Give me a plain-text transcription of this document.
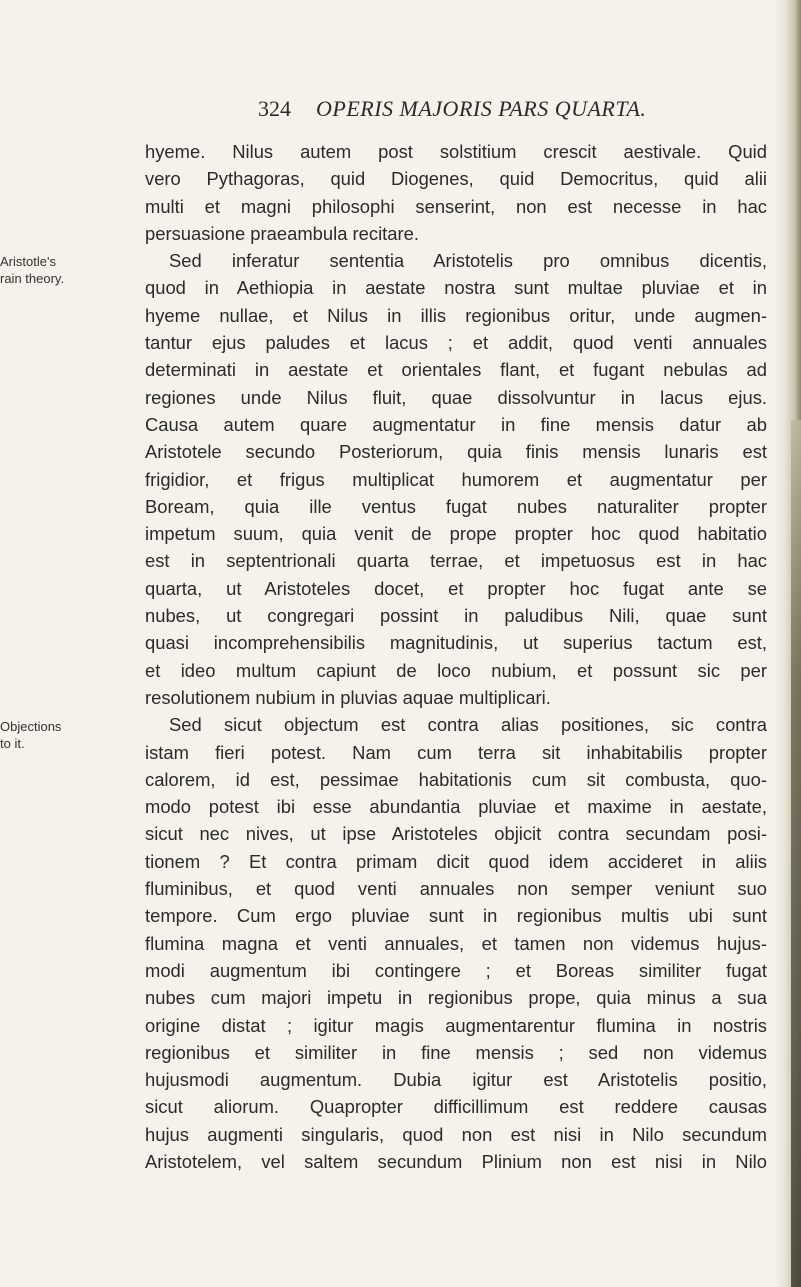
324 OPERIS MAJORIS PARS QUARTA.
Aristotle's
rain theory.
Objections
to it.
hyeme. Nilus autem post solstitium crescit aestivale. Quid
vero Pythagoras, quid Diogenes, quid Democritus, quid alii
multi et magni philosophi senserint, non est necesse in hac
persuasione praeambula recitare.
Sed inferatur sententia Aristotelis pro omnibus dicentis,
quod in Aethiopia in aestate nostra sunt multae pluviae et in
hyeme nullae, et Nilus in illis regionibus oritur, unde augmen-
tantur ejus paludes et lacus ; et addit, quod venti annuales
determinati in aestate et orientales flant, et fugant nebulas ad
regiones unde Nilus fluit, quae dissolvuntur in lacus ejus.
Causa autem quare augmentatur in fine mensis datur ab
Aristotele secundo Posteriorum, quia finis mensis lunaris est
frigidior, et frigus multiplicat humorem et augmentatur per
Boream, quia ille ventus fugat nubes naturaliter propter
impetum suum, quia venit de prope propter hoc quod habitatio
est in septentrionali quarta terrae, et impetuosus est in hac
quarta, ut Aristoteles docet, et propter hoc fugat ante se
nubes, ut congregari possint in paludibus Nili, quae sunt
quasi incomprehensibilis magnitudinis, ut superius tactum est,
et ideo multum capiunt de loco nubium, et possunt sic per
resolutionem nubium in pluvias aquae multiplicari.
Sed sicut objectum est contra alias positiones, sic contra
istam fieri potest. Nam cum terra sit inhabitabilis propter
calorem, id est, pessimae habitationis cum sit combusta, quo-
modo potest ibi esse abundantia pluviae et maxime in aestate,
sicut nec nives, ut ipse Aristoteles objicit contra secundam posi-
tionem ? Et contra primam dicit quod idem accideret in aliis
fluminibus, et quod venti annuales non semper veniunt suo
tempore. Cum ergo pluviae sunt in regionibus multis ubi sunt
flumina magna et venti annuales, et tamen non videmus hujus-
modi augmentum ibi contingere ; et Boreas similiter fugat
nubes cum majori impetu in regionibus prope, quia minus a sua
origine distat ; igitur magis augmentarentur flumina in nostris
regionibus et similiter in fine mensis ; sed non videmus
hujusmodi augmentum. Dubia igitur est Aristotelis positio,
sicut aliorum. Quapropter difficillimum est reddere causas
hujus augmenti singularis, quod non est nisi in Nilo secundum
Aristotelem, vel saltem secundum Plinium non est nisi in Nilo
